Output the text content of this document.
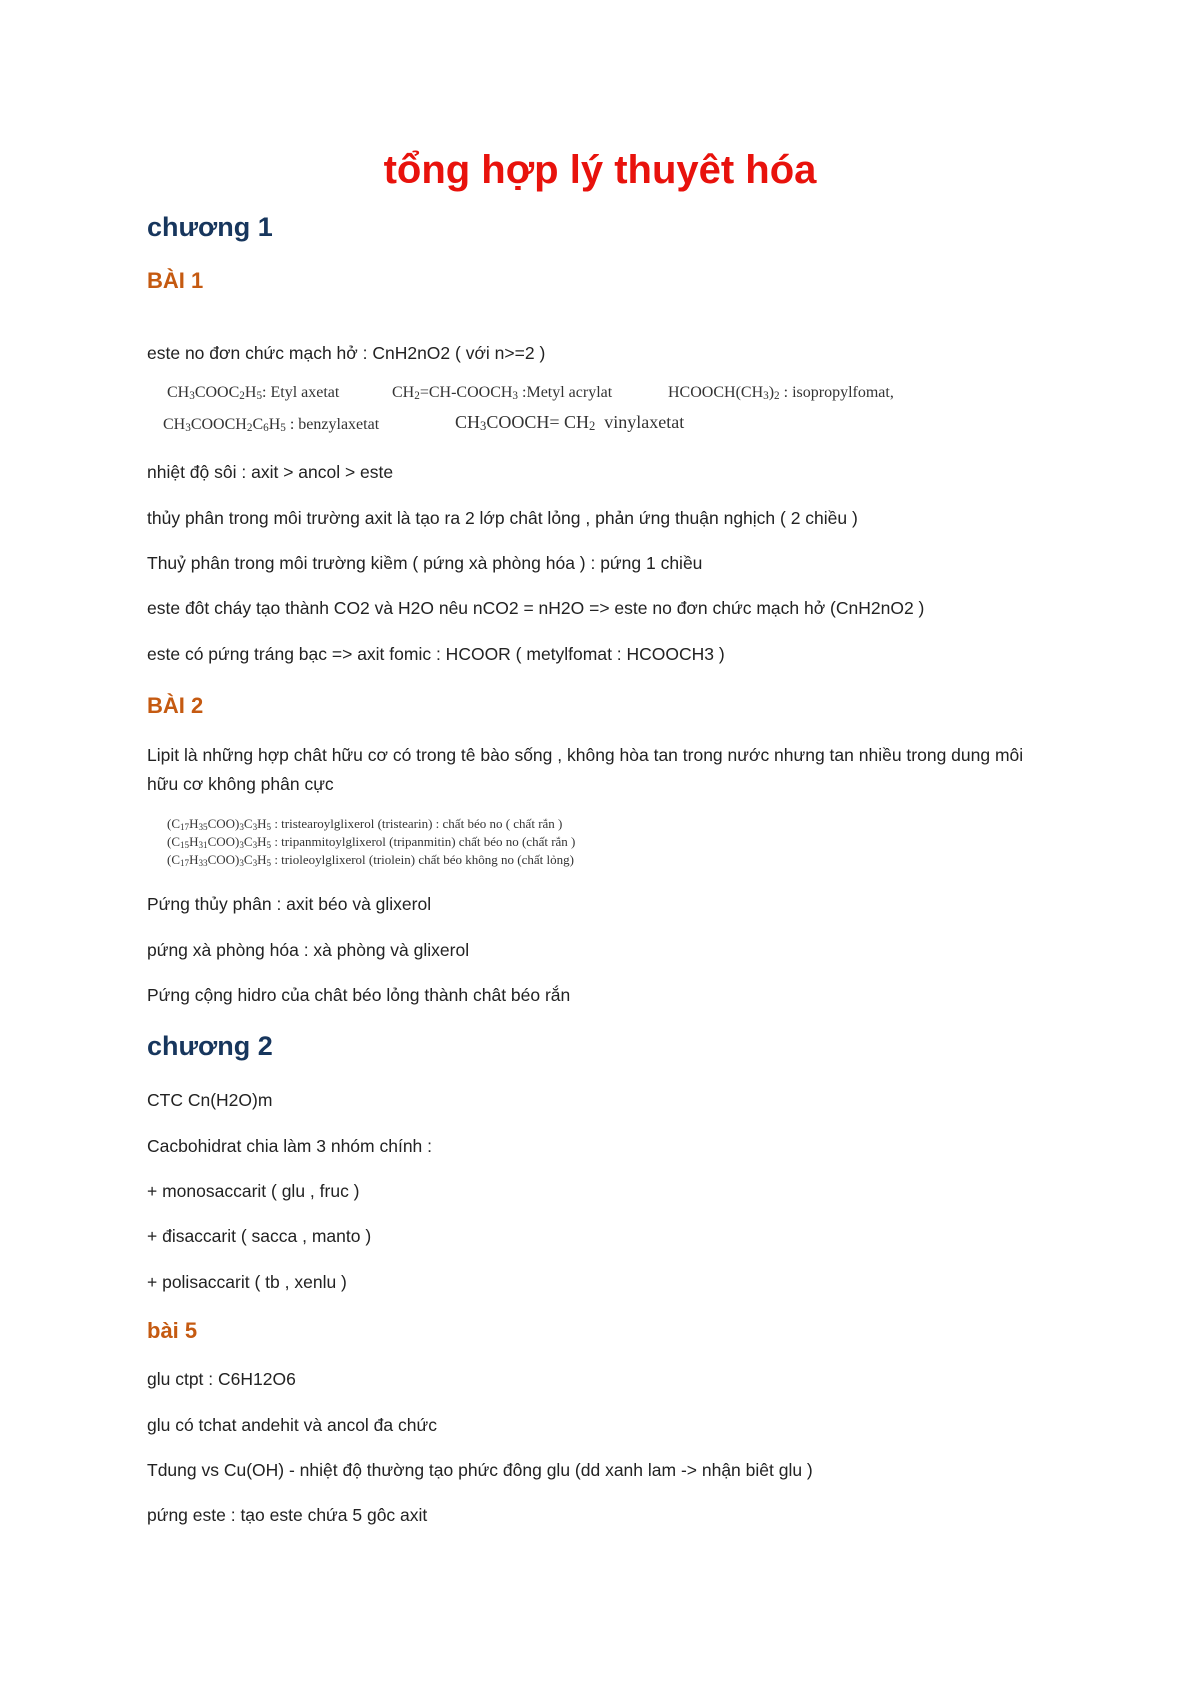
tổng hợp lý thuyêt hóa
chương 1
BÀI 1

este no đơn chức mạch hở : CnH2nO2 ( với n>=2 )

$CH_3COOC_2H_5$: Etyl axetat	$CH_2=CH-COOCH_3$ :Metyl acrylat	$HCOOCH(CH_3)_2$ : isopropylfomat,
$CH_3COOCH_2C_6H_5$ : benzylaxetat	$CH_3COOCH= CH_2$ vinylaxetat

nhiệt độ sôi : axit > ancol > este

thủy phân trong môi trường axit là tạo ra 2 lớp chât lỏng , phản ứng thuận nghịch ( 2 chiều )

Thuỷ phân trong môi trường kiềm ( pứng xà phòng hóa ) : pứng 1 chiều

este đôt cháy tạo thành CO2 và H2O nêu nCO2 = nH2O => este no đơn chức mạch hở (CnH2nO2 )

este có pứng tráng bạc => axit fomic : HCOOR ( metylfomat : HCOOCH3 )

BÀI 2

Lipit là những hợp chât hữu cơ có trong tê bào sống , không hòa tan trong nước nhưng tan nhiều trong dung môi hữu cơ không phân cực

$(C_{17}H_{35}COO)_3C_3H_5$ : tristearoylglixerol (tristearin) : chất béo no ( chất rắn )
$(C_{15}H_{31}COO)_3C_3H_5$ : tripanmitoylglixerol (tripanmitin) chất béo no (chất rắn )
$(C_{17}H_{33}COO)_3C_3H_5$ : trioleoylglixerol (triolein) chất béo không no (chất lỏng)

Pứng thủy phân : axit béo và glixerol

pứng xà phòng hóa : xà phòng và glixerol

Pứng cộng hidro của chât béo lỏng thành chât béo rắn

chương 2

CTC Cn(H2O)m

Cacbohidrat chia làm 3 nhóm chính :

+ monosaccarit ( glu , fruc )

+ đisaccarit ( sacca , manto )

+ polisaccarit ( tb , xenlu )

bài 5

glu ctpt : C6H12O6

glu có tchat andehit và ancol đa chức

Tdung vs Cu(OH) - nhiệt độ thường tạo phức đông glu (dd xanh lam -> nhận biêt glu )

pứng este : tạo este chứa 5 gôc axit
